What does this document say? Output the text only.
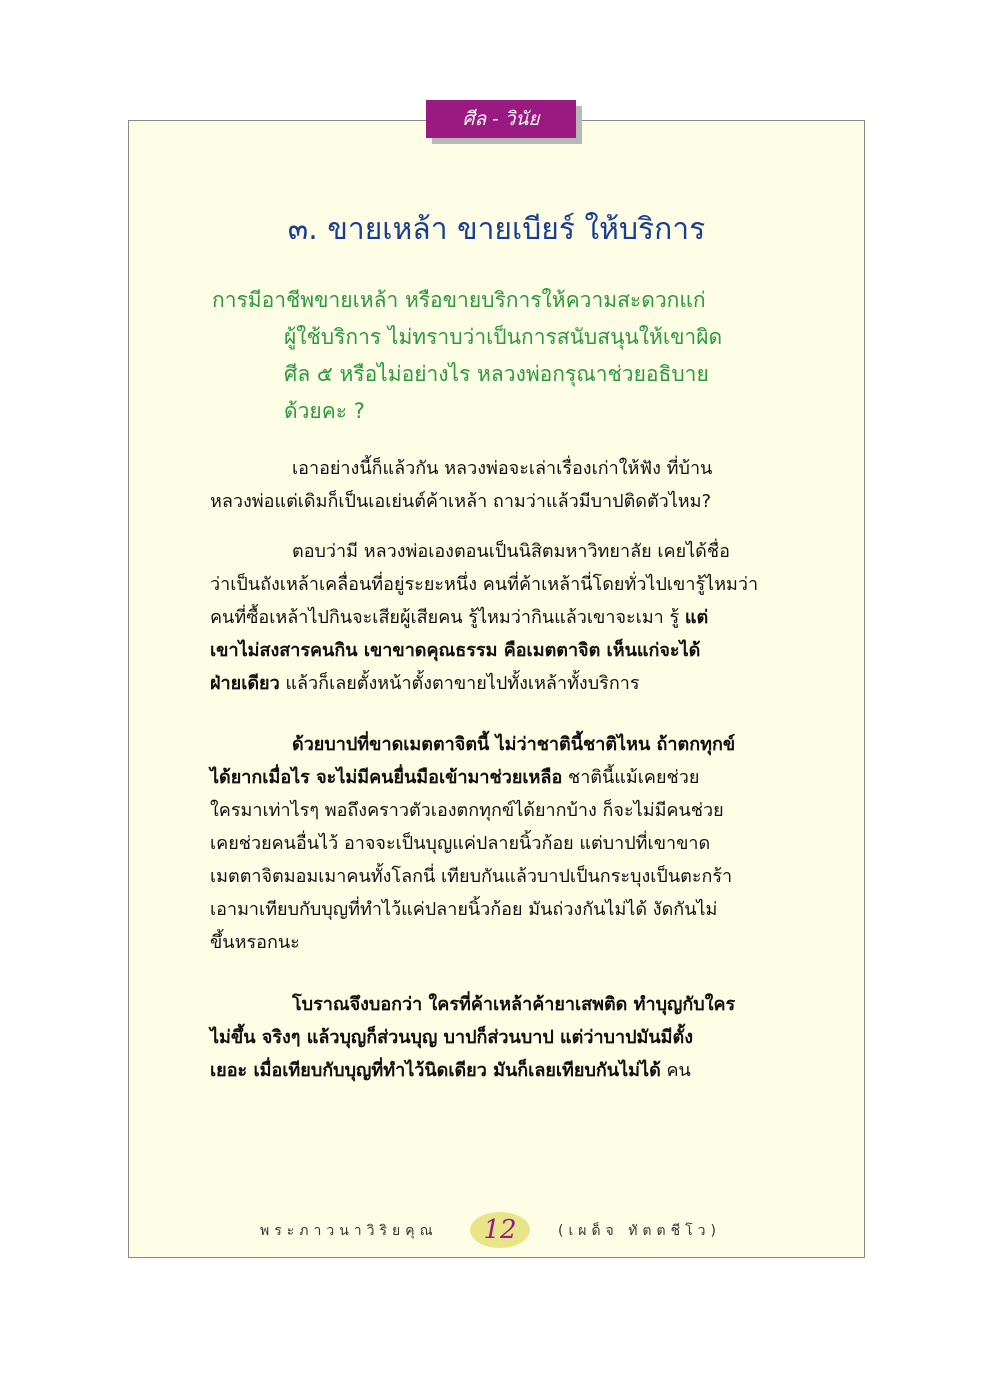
ศีล - วินัย
๓. ขายเหล้า ขายเบียร์ ให้บริการ
การมีอาชีพขายเหล้า หรือขายบริการให้ความสะดวกแก่
ผู้ใช้บริการ ไม่ทราบว่าเป็นการสนับสนุนให้เขาผิด
ศีล ๕ หรือไม่อย่างไร หลวงพ่อกรุณาช่วยอธิบาย
ด้วยคะ ?
เอาอย่างนี้ก็แล้วกัน หลวงพ่อจะเล่าเรื่องเก่าให้ฟัง ที่บ้าน
หลวงพ่อแต่เดิมก็เป็นเอเย่นต์ค้าเหล้า ถามว่าแล้วมีบาปติดตัวไหม?
ตอบว่ามี หลวงพ่อเองตอนเป็นนิสิตมหาวิทยาลัย เคยได้ชื่อ
ว่าเป็นถังเหล้าเคลื่อนที่อยู่ระยะหนึ่ง คนที่ค้าเหล้านี่โดยทั่วไปเขารู้ไหมว่า
คนที่ซื้อเหล้าไปกินจะเสียผู้เสียคน รู้ไหมว่ากินแล้วเขาจะเมา รู้ แต่
เขาไม่สงสารคนกิน เขาขาดคุณธรรม คือเมตตาจิต เห็นแก่จะได้
ฝ่ายเดียว แล้วก็เลยตั้งหน้าตั้งตาขายไปทั้งเหล้าทั้งบริการ
ด้วยบาปที่ขาดเมตตาจิตนี้ ไม่ว่าชาตินี้ชาติไหน ถ้าตกทุกข์
ได้ยากเมื่อไร จะไม่มีคนยื่นมือเข้ามาช่วยเหลือ ชาตินี้แม้เคยช่วย
ใครมาเท่าไรๆ พอถึงคราวตัวเองตกทุกข์ได้ยากบ้าง ก็จะไม่มีคนช่วย
เคยช่วยคนอื่นไว้ อาจจะเป็นบุญแค่ปลายนิ้วก้อย แต่บาปที่เขาขาด
เมตตาจิตมอมเมาคนทั้งโลกนี่ เทียบกันแล้วบาปเป็นกระบุงเป็นตะกร้า
เอามาเทียบกับบุญที่ทำไว้แค่ปลายนิ้วก้อย มันถ่วงกันไม่ได้ งัดกันไม่
ขึ้นหรอกนะ
โบราณจึงบอกว่า ใครที่ค้าเหล้าค้ายาเสพติด ทำบุญกับใคร
ไม่ขึ้น จริงๆ แล้วบุญก็ส่วนบุญ บาปก็ส่วนบาป แต่ว่าบาปมันมีตั้ง
เยอะ เมื่อเทียบกับบุญที่ทำไว้นิดเดียว มันก็เลยเทียบกันไม่ได้ คน
พระภาวนาวิริยคุณ	12	(เผด็จ ทัตตชีโว)
